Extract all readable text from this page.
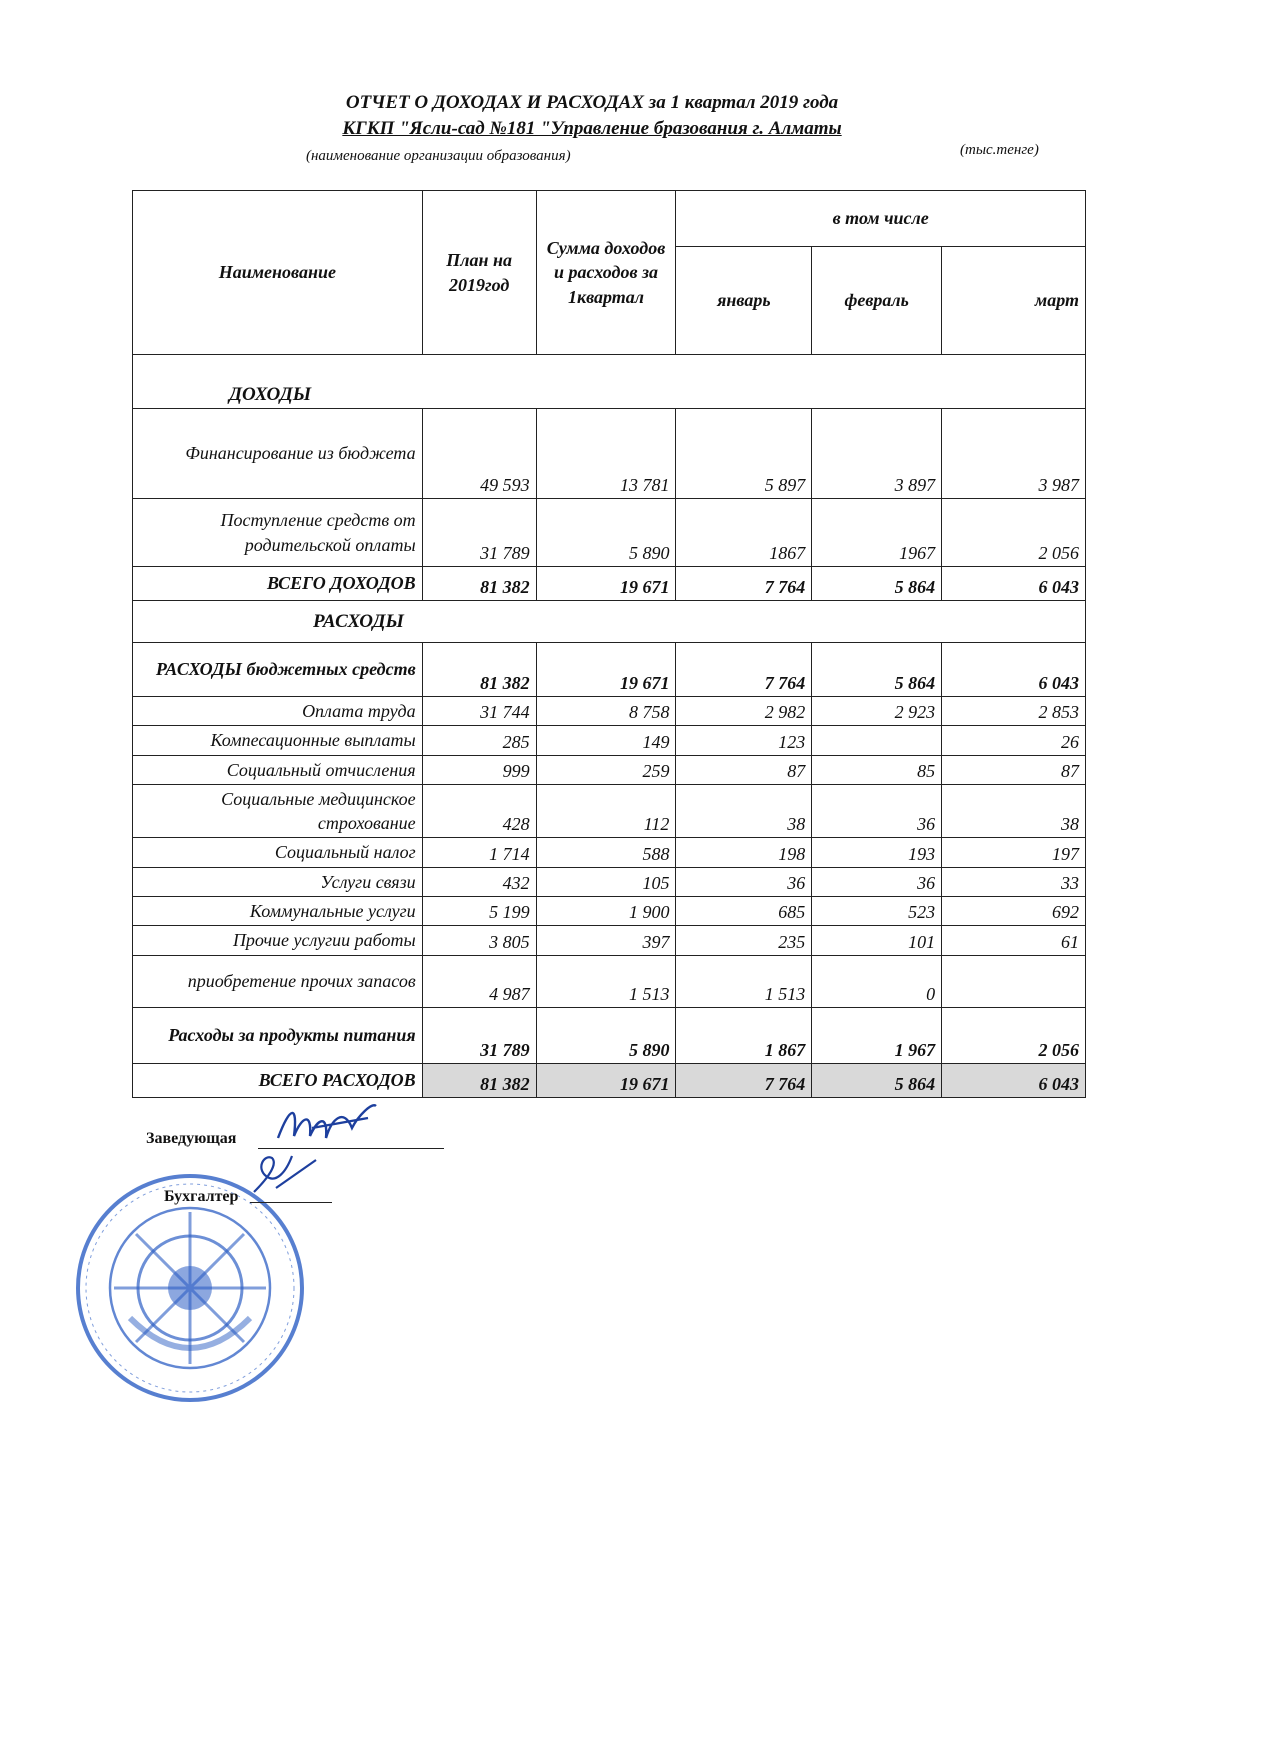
ОТЧЕТ О ДОХОДАХ И РАСХОДАХ за 1 квартал 2019 года
КГКП "Ясли-сад №181 "Управление бразования г. Алматы
(наименование организации образования)	(тыс.тенге)
Наименование	План на 2019год	Сумма доходов и расходов за 1квартал	в том числе		
			январь	февраль	март
ДОХОДЫ					
Финансирование из бюджета	49 593	13 781	5 897	3 897	3 987
Поступление средств от родительской оплаты	31 789	5 890	1867	1967	2 056
ВСЕГО ДОХОДОВ	81 382	19 671	7 764	5 864	6 043
РАСХОДЫ					
РАСХОДЫ бюджетных средств	81 382	19 671	7 764	5 864	6 043
Оплата труда	31 744	8 758	2 982	2 923	2 853
Компесационные выплаты	285	149	123		26
Социальный отчисления	999	259	87	85	87
Социальные медицинское строхование	428	112	38	36	38
Социальный налог	1 714	588	198	193	197
Услуги связи	432	105	36	36	33
Коммунальные услуги	5 199	1 900	685	523	692
Прочие услугии работы	3 805	397	235	101	61
приобретение прочих запасов	4 987	1 513	1 513	0	
Расходы за продукты питания	31 789	5 890	1 867	1 967	2 056
ВСЕГО РАСХОДОВ	81 382	19 671	7 764	5 864	6 043
Заведующая
Бухгалтер
